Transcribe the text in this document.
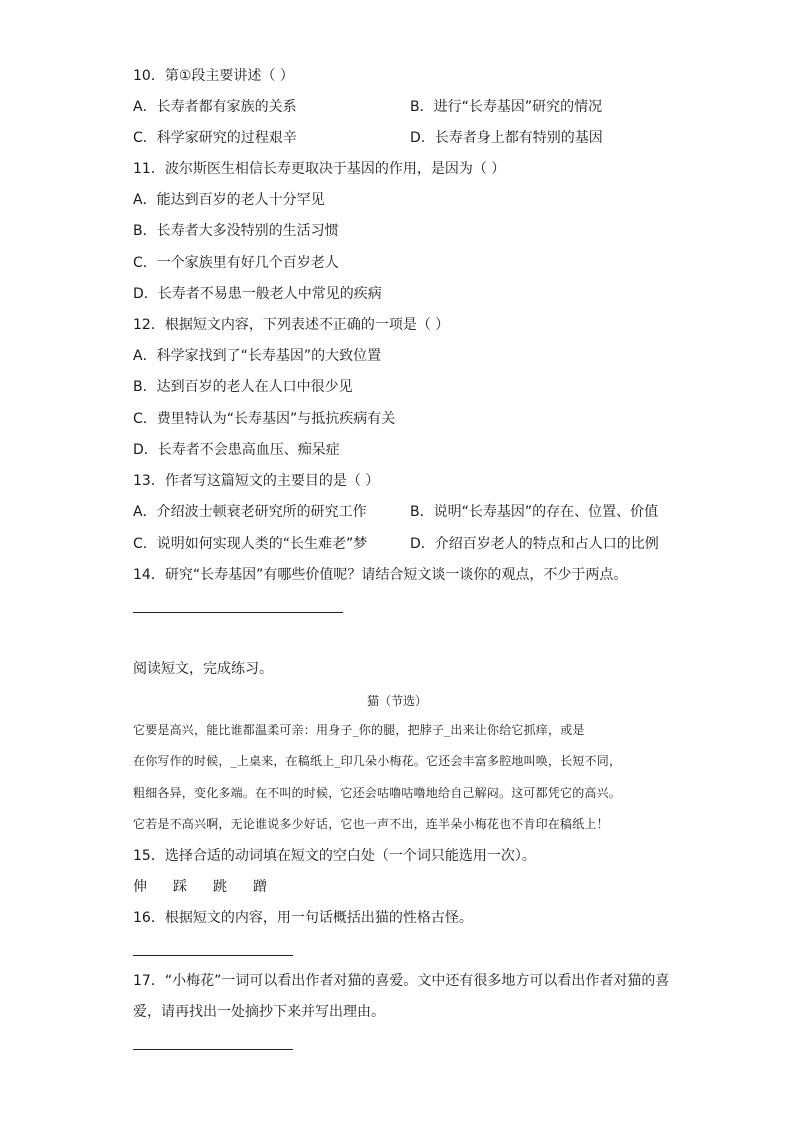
10．第①段主要讲述（ ）
A．长寿者都有家族的关系	B．进行“长寿基因”研究的情况
C．科学家研究的过程艰辛	D．长寿者身上都有特别的基因
11．波尔斯医生相信长寿更取决于基因的作用，是因为（ ）
A．能达到百岁的老人十分罕见
B．长寿者大多没特别的生活习惯
C．一个家族里有好几个百岁老人
D．长寿者不易患一般老人中常见的疾病
12．根据短文内容，下列表述不正确的一项是（ ）
A．科学家找到了“长寿基因”的大致位置
B．达到百岁的老人在人口中很少见
C．费里特认为“长寿基因”与抵抗疾病有关
D．长寿者不会患高血压、痴呆症
13．作者写这篇短文的主要目的是（ ）
A．介绍波士顿衰老研究所的研究工作	B．说明“长寿基因”的存在、位置、价值
C．说明如何实现人类的“长生难老”梦	D．介绍百岁老人的特点和占人口的比例
14．研究“长寿基因”有哪些价值呢？请结合短文谈一谈你的观点，不少于两点。
阅读短文，完成练习。
猫（节选）
它要是高兴，能比谁都温柔可亲：用身子_你的腿，把脖子_出来让你给它抓痒，或是
在你写作的时候，_上桌来，在稿纸上_印几朵小梅花。它还会丰富多腔地叫唤，长短不同，
粗细各异，变化多端。在不叫的时候，它还会咕噜咕噜地给自己解闷。这可都凭它的高兴。
它若是不高兴啊，无论谁说多少好话，它也一声不出，连半朵小梅花也不肯印在稿纸上！
15．选择合适的动词填在短文的空白处（一个词只能选用一次）。
伸 踩 跳 蹭
16．根据短文的内容，用一句话概括出猫的性格古怪。
17．“小梅花”一词可以看出作者对猫的喜爱。文中还有很多地方可以看出作者对猫的喜
爱，请再找出一处摘抄下来并写出理由。
